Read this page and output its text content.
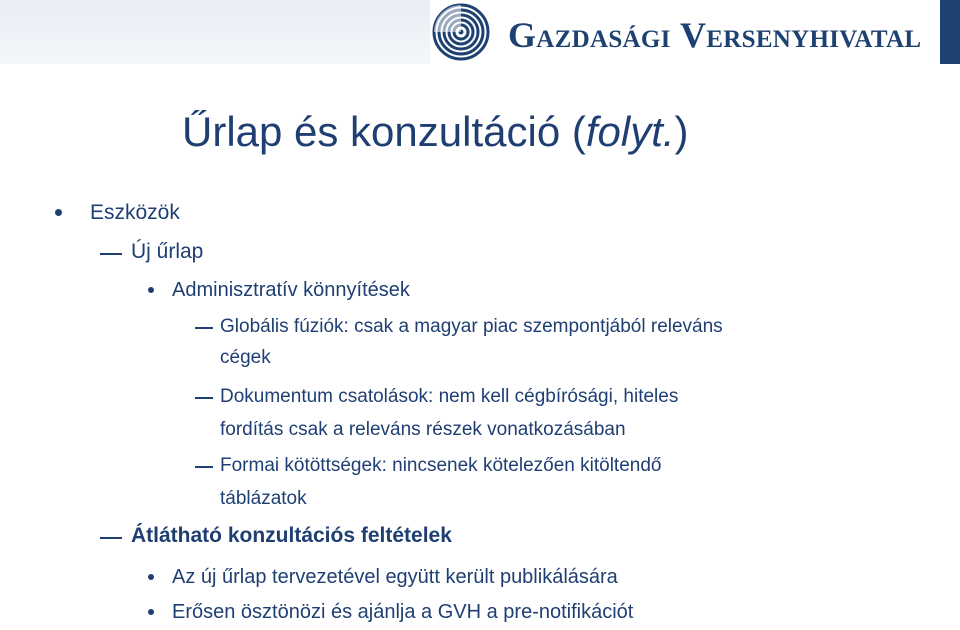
Gazdasági Versenyhivatal
Űrlap és konzultáció (folyt.)
Eszközök
Új űrlap
Adminisztratív könnyítések
Globális fúziók: csak a magyar piac szempontjából releváns
cégek
Dokumentum csatolások: nem kell cégbírósági, hiteles
fordítás csak a releváns részek vonatkozásában
Formai kötöttségek: nincsenek kötelezően kitöltendő
táblázatok
Átlátható konzultációs feltételek
Az új űrlap tervezetével együtt került publikálására
Erősen ösztönözi és ajánlja a GVH a pre-notifikációt
